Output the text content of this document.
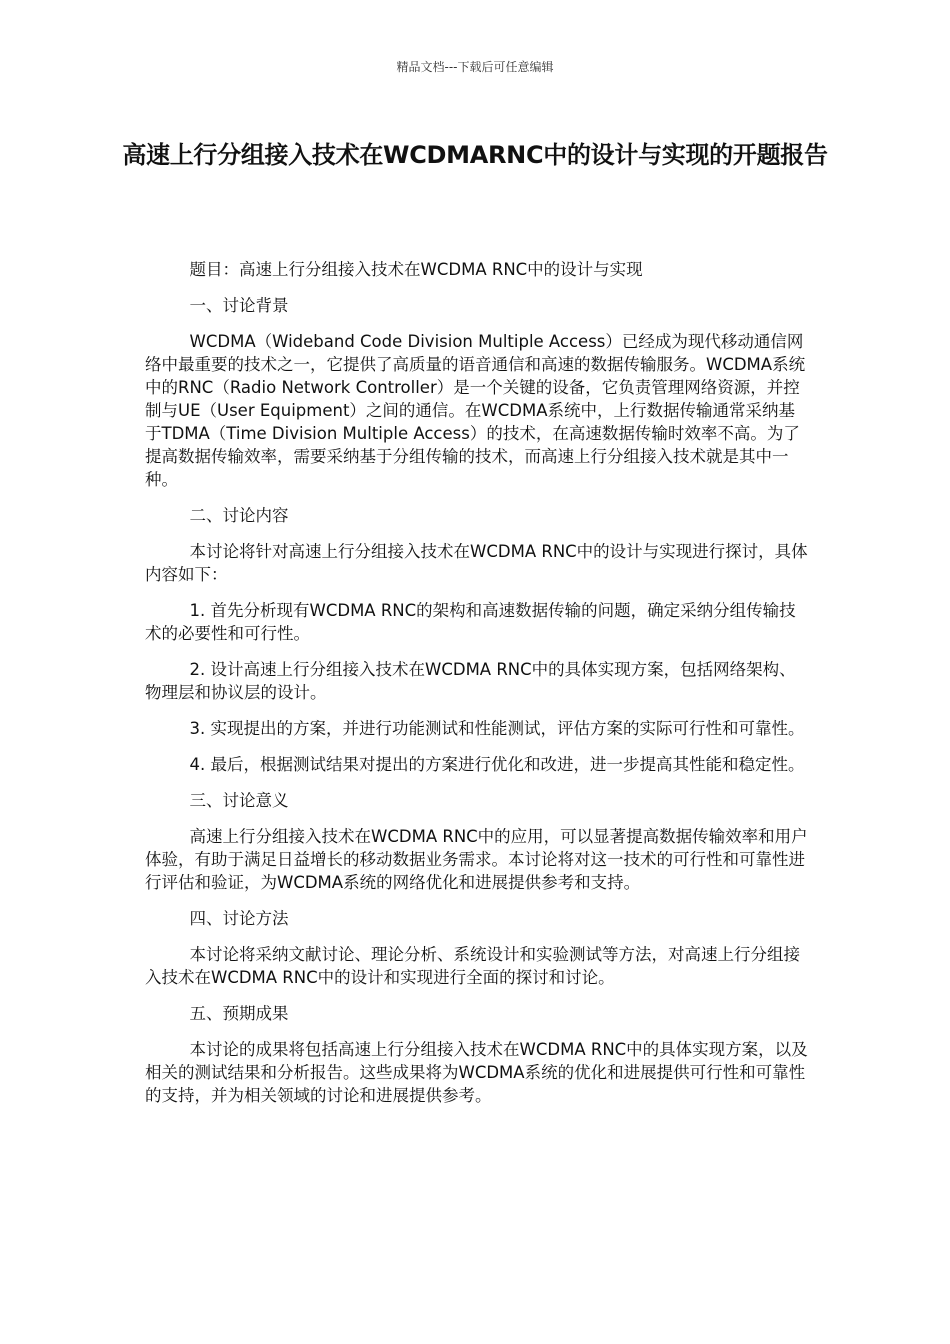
精品文档---下载后可任意编辑
高速上行分组接入技术在WCDMARNC中的设计与实现的开题报告

题目：高速上行分组接入技术在WCDMA RNC中的设计与实现

一、讨论背景

WCDMA（Wideband Code Division Multiple Access）已经成为现代移动通信网络中最重要的技术之一，它提供了高质量的语音通信和高速的数据传输服务。WCDMA系统中的RNC（Radio Network Controller）是一个关键的设备，它负责管理网络资源，并控制与UE（User Equipment）之间的通信。在WCDMA系统中，上行数据传输通常采纳基于TDMA（Time Division Multiple Access）的技术，在高速数据传输时效率不高。为了提高数据传输效率，需要采纳基于分组传输的技术，而高速上行分组接入技术就是其中一种。

二、讨论内容

本讨论将针对高速上行分组接入技术在WCDMA RNC中的设计与实现进行探讨，具体内容如下：

1. 首先分析现有WCDMA RNC的架构和高速数据传输的问题，确定采纳分组传输技术的必要性和可行性。

2. 设计高速上行分组接入技术在WCDMA RNC中的具体实现方案，包括网络架构、物理层和协议层的设计。

3. 实现提出的方案，并进行功能测试和性能测试，评估方案的实际可行性和可靠性。

4. 最后，根据测试结果对提出的方案进行优化和改进，进一步提高其性能和稳定性。

三、讨论意义

高速上行分组接入技术在WCDMA RNC中的应用，可以显著提高数据传输效率和用户体验，有助于满足日益增长的移动数据业务需求。本讨论将对这一技术的可行性和可靠性进行评估和验证，为WCDMA系统的网络优化和进展提供参考和支持。

四、讨论方法

本讨论将采纳文献讨论、理论分析、系统设计和实验测试等方法，对高速上行分组接入技术在WCDMA RNC中的设计和实现进行全面的探讨和讨论。

五、预期成果

本讨论的成果将包括高速上行分组接入技术在WCDMA RNC中的具体实现方案，以及相关的测试结果和分析报告。这些成果将为WCDMA系统的优化和进展提供可行性和可靠性的支持，并为相关领域的讨论和进展提供参考。
